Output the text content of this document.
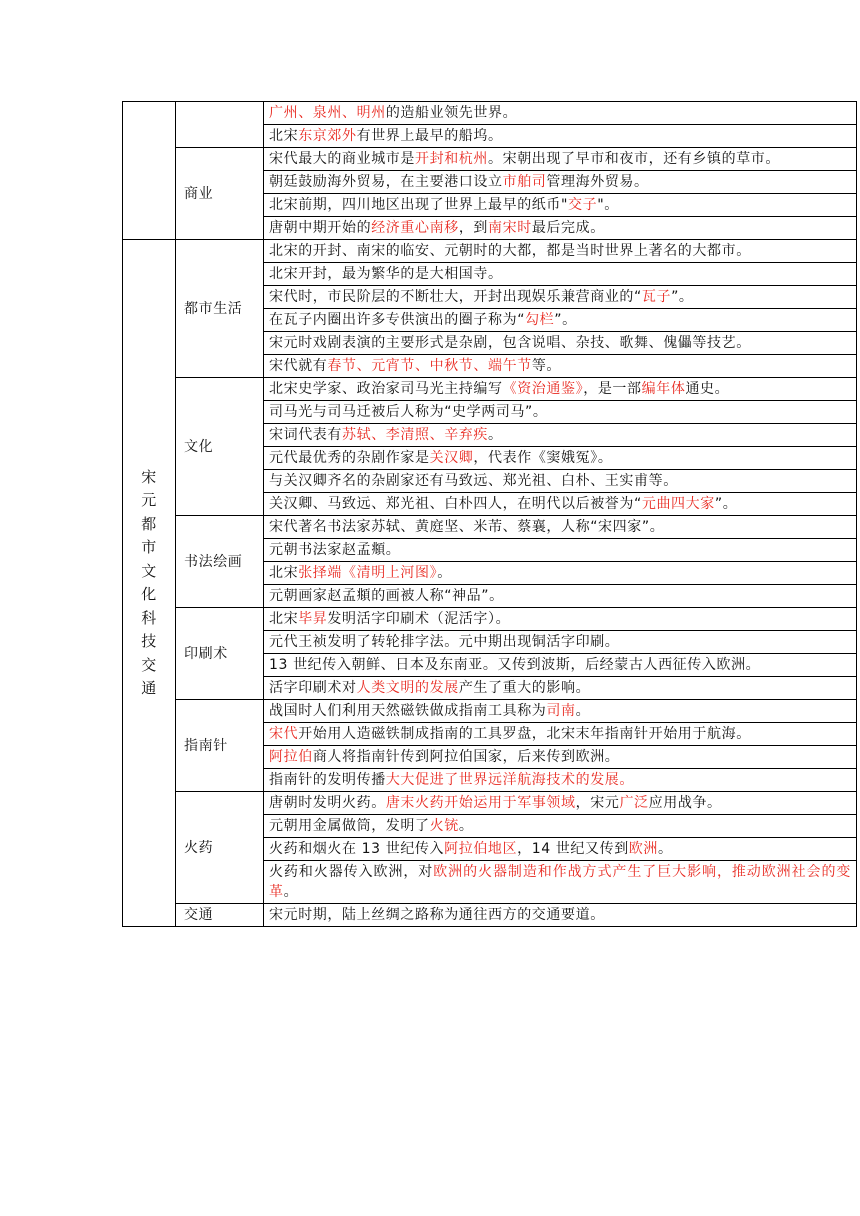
		广州、泉州、明州的造船业领先世界。
		北宋东京郊外有世界上最早的船坞。
	商业	宋代最大的商业城市是开封和杭州。宋朝出现了早市和夜市，还有乡镇的草市。
		朝廷鼓励海外贸易，在主要港口设立市舶司管理海外贸易。
		北宋前期，四川地区出现了世界上最早的纸币"交子"。
		唐朝中期开始的经济重心南移，到南宋时最后完成。

宋元都市文化科技交通	都市生活	北宋的开封、南宋的临安、元朝时的大都，都是当时世界上著名的大都市。
		北宋开封，最为繁华的是大相国寺。
		宋代时，市民阶层的不断壮大，开封出现娱乐兼营商业的“瓦子”。
		在瓦子内圈出许多专供演出的圈子称为“勾栏”。
		宋元时戏剧表演的主要形式是杂剧，包含说唱、杂技、歌舞、傀儡等技艺。
		宋代就有春节、元宵节、中秋节、端午节等。
	文化	北宋史学家、政治家司马光主持编写《资治通鉴》，是一部编年体通史。
		司马光与司马迁被后人称为“史学两司马”。
		宋词代表有苏轼、李清照、辛弃疾。
		元代最优秀的杂剧作家是关汉卿，代表作《窦娥冤》。
		与关汉卿齐名的杂剧家还有马致远、郑光祖、白朴、王实甫等。
		关汉卿、马致远、郑光祖、白朴四人，在明代以后被誉为“元曲四大家”。
	书法绘画	宋代著名书法家苏轼、黄庭坚、米芾、蔡襄，人称“宋四家”。
		元朝书法家赵孟頫。
		北宋张择端《清明上河图》。
		元朝画家赵孟頫的画被人称“神品”。
	印刷术	北宋毕昇发明活字印刷术（泥活字）。
		元代王祯发明了转轮排字法。元中期出现铜活字印刷。
		13 世纪传入朝鲜、日本及东南亚。又传到波斯，后经蒙古人西征传入欧洲。
		活字印刷术对人类文明的发展产生了重大的影响。
	指南针	战国时人们利用天然磁铁做成指南工具称为司南。
		宋代开始用人造磁铁制成指南的工具罗盘，北宋末年指南针开始用于航海。
		阿拉伯商人将指南针传到阿拉伯国家，后来传到欧洲。
		指南针的发明传播大大促进了世界远洋航海技术的发展。
	火药	唐朝时发明火药。唐末火药开始运用于军事领域，宋元广泛应用战争。
		元朝用金属做筒，发明了火铳。
		火药和烟火在 13 世纪传入阿拉伯地区，14 世纪又传到欧洲。
		火药和火器传入欧洲，对欧洲的火器制造和作战方式产生了巨大影响，推动欧洲社会的变革。
	交通	宋元时期，陆上丝绸之路称为通往西方的交通要道。
